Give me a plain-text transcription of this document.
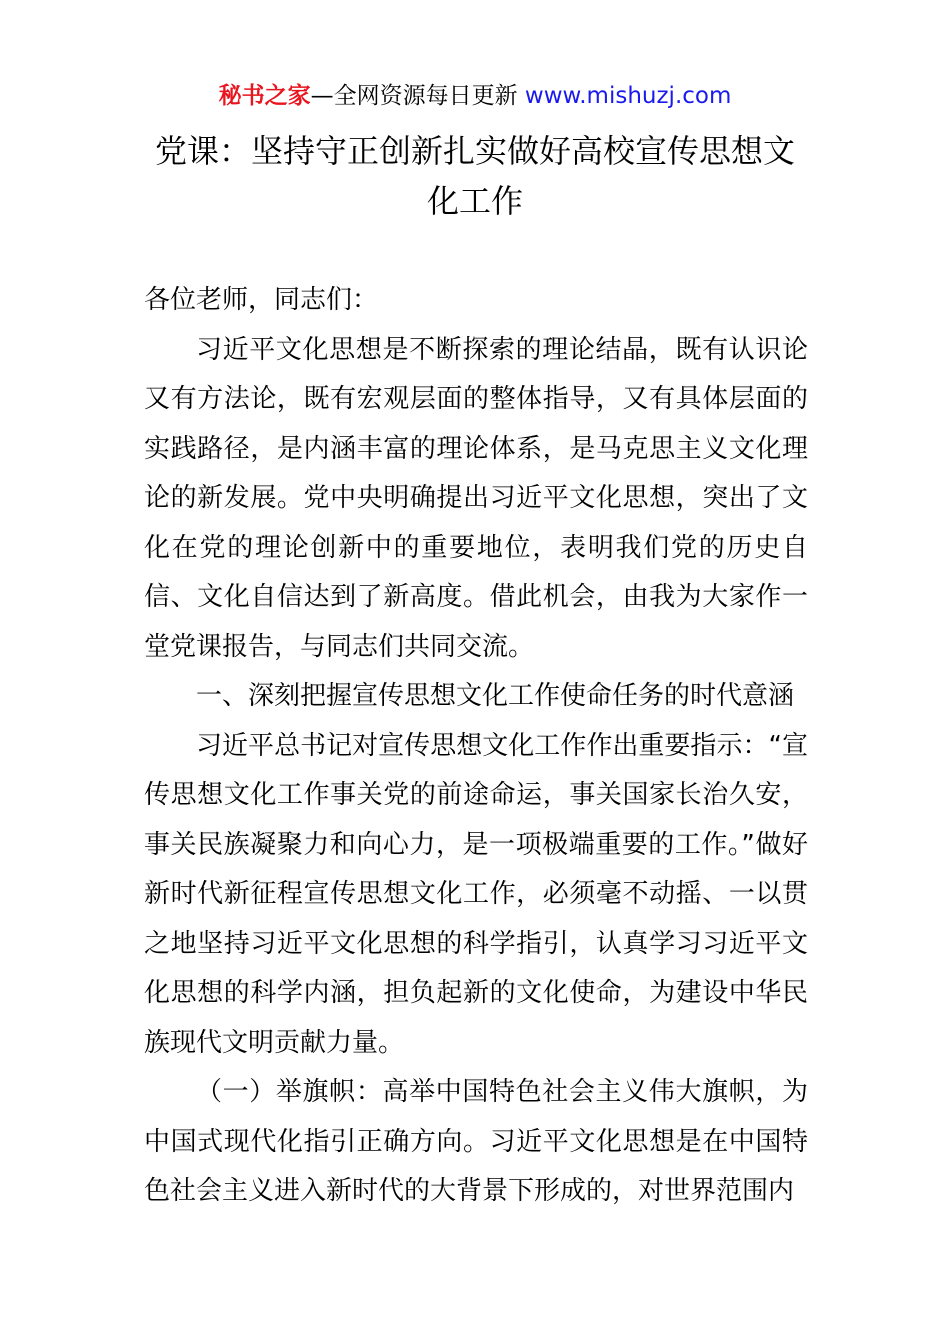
秘书之家—全网资源每日更新 www.mishuzj.com
党课：坚持守正创新扎实做好高校宣传思想文化工作

各位老师，同志们：

习近平文化思想是不断探索的理论结晶，既有认识论又有方法论，既有宏观层面的整体指导，又有具体层面的实践路径，是内涵丰富的理论体系，是马克思主义文化理论的新发展。党中央明确提出习近平文化思想，突出了文化在党的理论创新中的重要地位，表明我们党的历史自信、文化自信达到了新高度。借此机会，由我为大家作一堂党课报告，与同志们共同交流。

一、深刻把握宣传思想文化工作使命任务的时代意涵

习近平总书记对宣传思想文化工作作出重要指示：“宣传思想文化工作事关党的前途命运，事关国家长治久安，事关民族凝聚力和向心力，是一项极端重要的工作。”做好新时代新征程宣传思想文化工作，必须毫不动摇、一以贯之地坚持习近平文化思想的科学指引，认真学习习近平文化思想的科学内涵，担负起新的文化使命，为建设中华民族现代文明贡献力量。

（一）举旗帜：高举中国特色社会主义伟大旗帜，为中国式现代化指引正确方向。习近平文化思想是在中国特色社会主义进入新时代的大背景下形成的，对世界范围内
